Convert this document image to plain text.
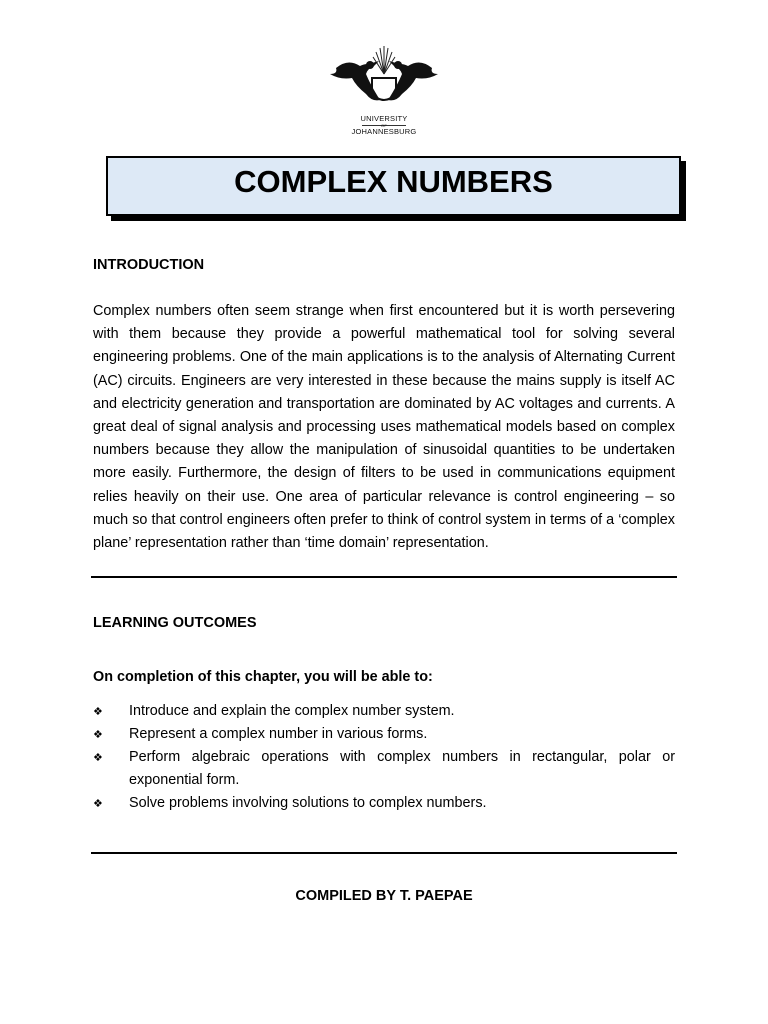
UNIVERSITY
OF
JOHANNESBURG
COMPLEX NUMBERS
INTRODUCTION

Complex numbers often seem strange when first encountered but it is worth persevering with them because they provide a powerful mathematical tool for solving several engineering problems. One of the main applications is to the analysis of Alternating Current (AC) circuits. Engineers are very interested in these because the mains supply is itself AC and electricity generation and transportation are dominated by AC voltages and currents. A great deal of signal analysis and processing uses mathematical models based on complex numbers because they allow the manipulation of sinusoidal quantities to be undertaken more easily. Furthermore, the design of filters to be used in communications equipment relies heavily on their use. One area of particular relevance is control engineering – so much so that control engineers often prefer to think of control system in terms of a ‘complex plane’ representation rather than ‘time domain’ representation.

LEARNING OUTCOMES
On completion of this chapter, you will be able to:
❖ Introduce and explain the complex number system.
❖ Represent a complex number in various forms.
❖ Perform algebraic operations with complex numbers in rectangular, polar or exponential form.
❖ Solve problems involving solutions to complex numbers.
COMPILED BY T. PAEPAE
